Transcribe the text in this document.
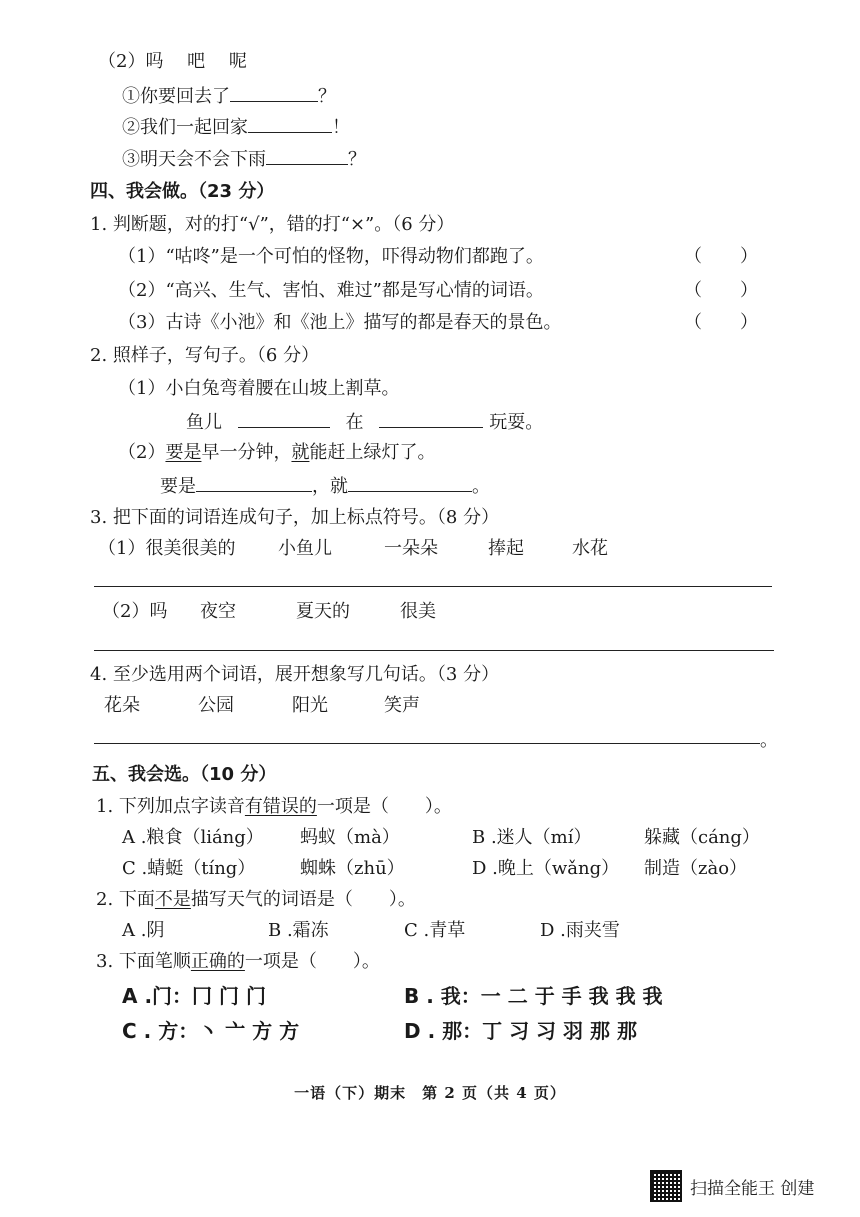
（2）吗　 吧　 呢
①你要回去了	？
②我们一起回家	！
③明天会不会下雨	？
四、我会做。（23 分）
1. 判断题，对的打“√”，错的打“×”。（6 分）
（1）“咕咚”是一个可怕的怪物，吓得动物们都跑了。	（ ）
（2）“高兴、生气、害怕、难过”都是写心情的词语。	（ ）
（3）古诗《小池》和《池上》描写的都是春天的景色。	（ ）
2. 照样子，写句子。（6 分）
（1）小白兔弯着腰在山坡上割草。
鱼儿	在	玩耍。
（2）要是早一分钟，就能赶上绿灯了。
要是	，就	。
3. 把下面的词语连成句子，加上标点符号。（8 分）
（1）很美很美的 小鱼儿	一朵朵	捧起	水花
（2）吗 夜空	夏天的	很美
4. 至少选用两个词语，展开想象写几句话。（3 分）
花朵	公园	阳光	笑声
。
五、我会选。（10 分）
1. 下列加点字读音有错误的一项是（　　）。
A .粮食（liáng） 蚂蚁（mà）	B .迷人（mí）	躲藏（cáng）
C .蜻蜓（tíng） 蜘蛛（zhū）	D .晚上（wǎng） 制造（zào）
2. 下面不是描写天气的词语是（　　）。
A .阴	B .霜冻	C .青草	D .雨夹雪
3. 下面笔顺正确的一项是（　　）。
A .门：冂 门 门	B . 我：一 二 于 手 我 我 我
C . 方：丶 亠 方 方	D . 那：丁 习 习 羽 那 那
一语（下）期末　第 2 页（共 4 页）
扫描全能王 创建
